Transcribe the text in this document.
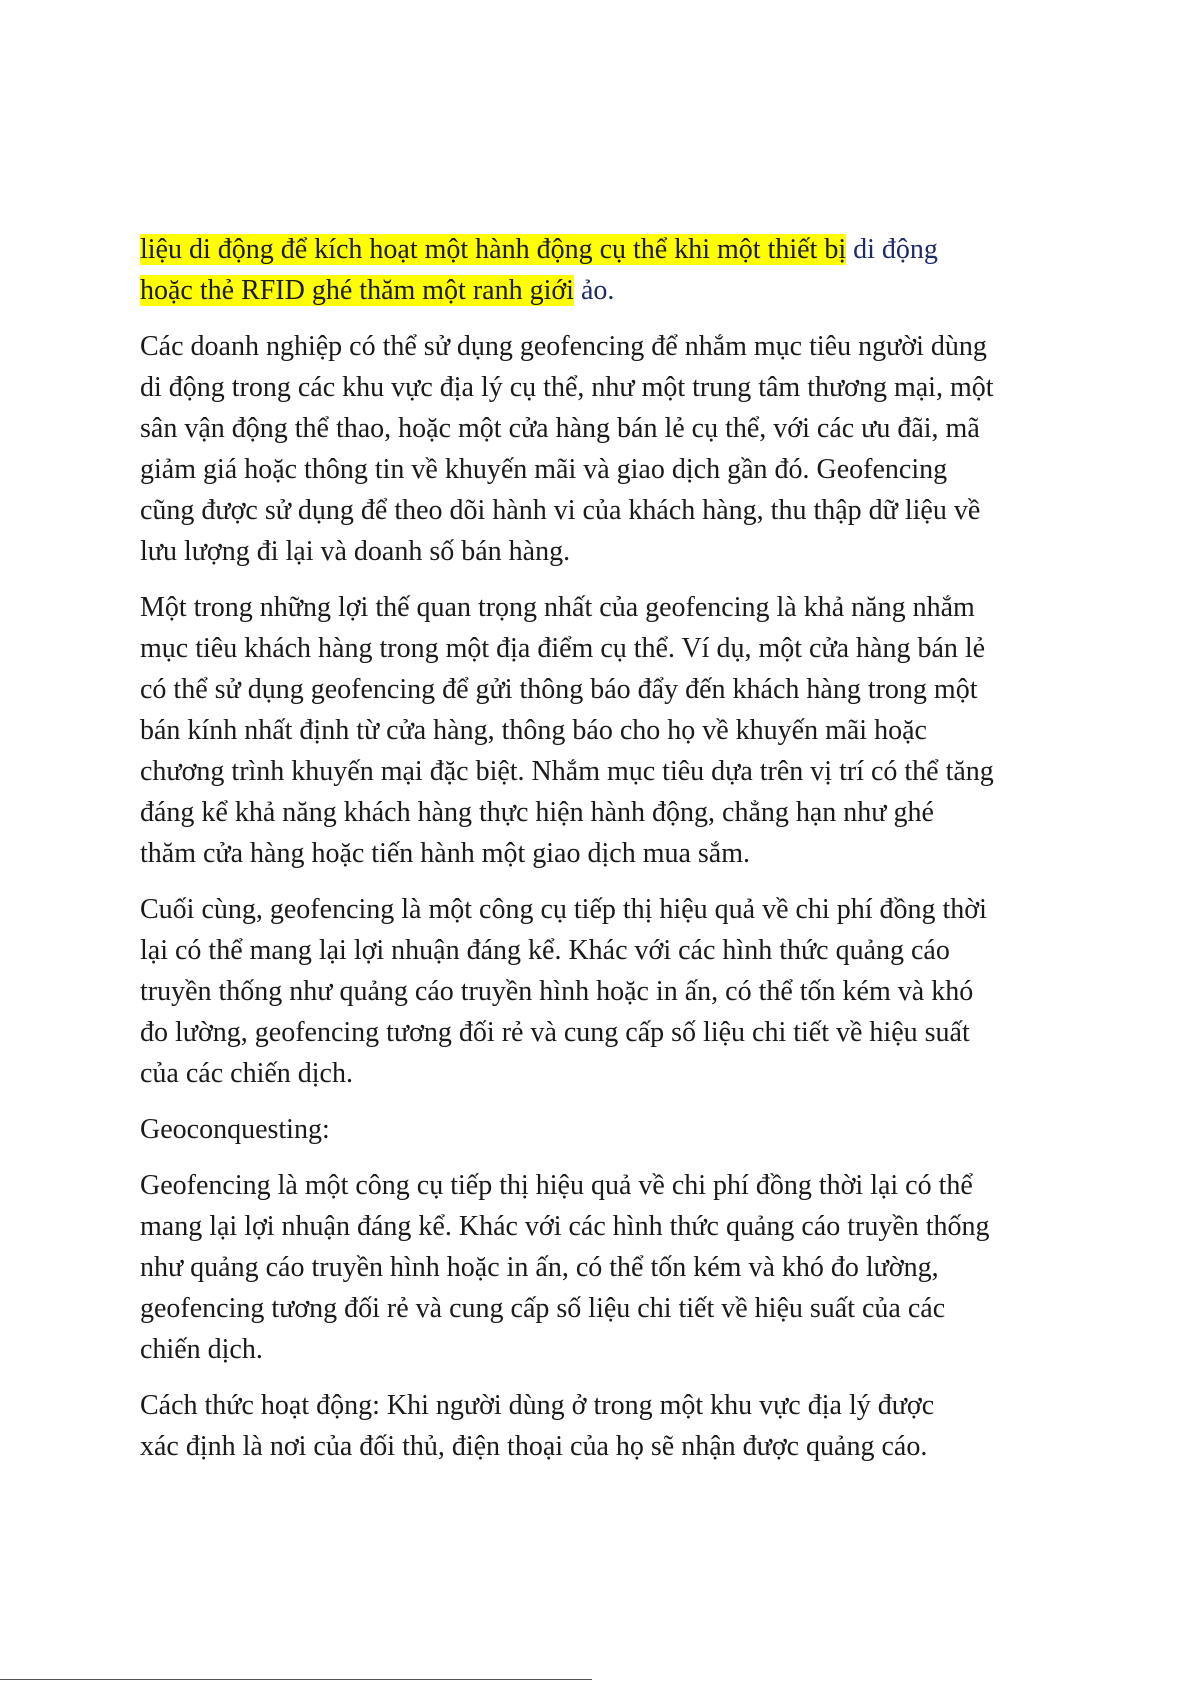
liệu di động để kích hoạt một hành động cụ thể khi một thiết bị di động
hoặc thẻ RFID ghé thăm một ranh giới ảo.

Các doanh nghiệp có thể sử dụng geofencing để nhắm mục tiêu người dùng
di động trong các khu vực địa lý cụ thể, như một trung tâm thương mại, một
sân vận động thể thao, hoặc một cửa hàng bán lẻ cụ thể, với các ưu đãi, mã
giảm giá hoặc thông tin về khuyến mãi và giao dịch gần đó. Geofencing
cũng được sử dụng để theo dõi hành vi của khách hàng, thu thập dữ liệu về
lưu lượng đi lại và doanh số bán hàng.

Một trong những lợi thế quan trọng nhất của geofencing là khả năng nhắm
mục tiêu khách hàng trong một địa điểm cụ thể. Ví dụ, một cửa hàng bán lẻ
có thể sử dụng geofencing để gửi thông báo đẩy đến khách hàng trong một
bán kính nhất định từ cửa hàng, thông báo cho họ về khuyến mãi hoặc
chương trình khuyến mại đặc biệt. Nhắm mục tiêu dựa trên vị trí có thể tăng
đáng kể khả năng khách hàng thực hiện hành động, chẳng hạn như ghé
thăm cửa hàng hoặc tiến hành một giao dịch mua sắm.

Cuối cùng, geofencing là một công cụ tiếp thị hiệu quả về chi phí đồng thời
lại có thể mang lại lợi nhuận đáng kể. Khác với các hình thức quảng cáo
truyền thống như quảng cáo truyền hình hoặc in ấn, có thể tốn kém và khó
đo lường, geofencing tương đối rẻ và cung cấp số liệu chi tiết về hiệu suất
của các chiến dịch.

Geoconquesting:

Geofencing là một công cụ tiếp thị hiệu quả về chi phí đồng thời lại có thể
mang lại lợi nhuận đáng kể. Khác với các hình thức quảng cáo truyền thống
như quảng cáo truyền hình hoặc in ấn, có thể tốn kém và khó đo lường,
geofencing tương đối rẻ và cung cấp số liệu chi tiết về hiệu suất của các
chiến dịch.

Cách thức hoạt động: Khi người dùng ở trong một khu vực địa lý được
xác định là nơi của đối thủ, điện thoại của họ sẽ nhận được quảng cáo.
